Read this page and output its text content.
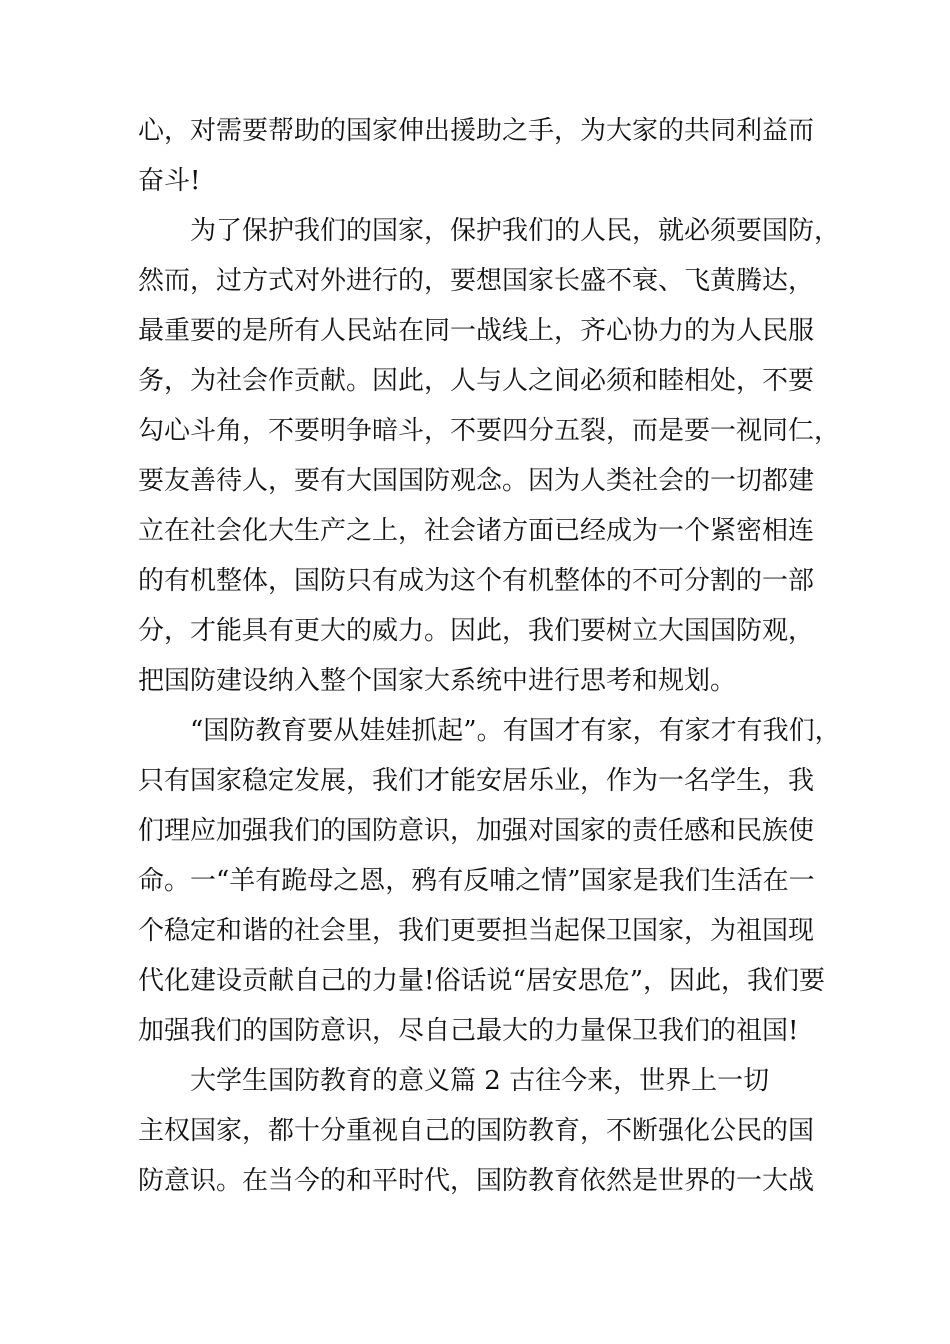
心，对需要帮助的国家伸出援助之手，为大家的共同利益而
奋斗!
为了保护我们的国家，保护我们的人民，就必须要国防，
然而，过方式对外进行的，要想国家长盛不衰、飞黄腾达，
最重要的是所有人民站在同一战线上，齐心协力的为人民服
务，为社会作贡献。因此，人与人之间必须和睦相处，不要
勾心斗角，不要明争暗斗，不要四分五裂，而是要一视同仁，
要友善待人，要有大国国防观念。因为人类社会的一切都建
立在社会化大生产之上，社会诸方面已经成为一个紧密相连
的有机整体，国防只有成为这个有机整体的不可分割的一部
分，才能具有更大的威力。因此，我们要树立大国国防观，
把国防建设纳入整个国家大系统中进行思考和规划。
“国防教育要从娃娃抓起”。有国才有家，有家才有我们，
只有国家稳定发展，我们才能安居乐业，作为一名学生，我
们理应加强我们的国防意识，加强对国家的责任感和民族使
命。一“羊有跪母之恩，鸦有反哺之情”国家是我们生活在一
个稳定和谐的社会里，我们更要担当起保卫国家，为祖国现
代化建设贡献自己的力量!俗话说“居安思危”，因此，我们要
加强我们的国防意识，尽自己最大的力量保卫我们的祖国!
大学生国防教育的意义篇 2 古往今来，世界上一切
主权国家，都十分重视自己的国防教育，不断强化公民的国
防意识。在当今的和平时代，国防教育依然是世界的一大战
